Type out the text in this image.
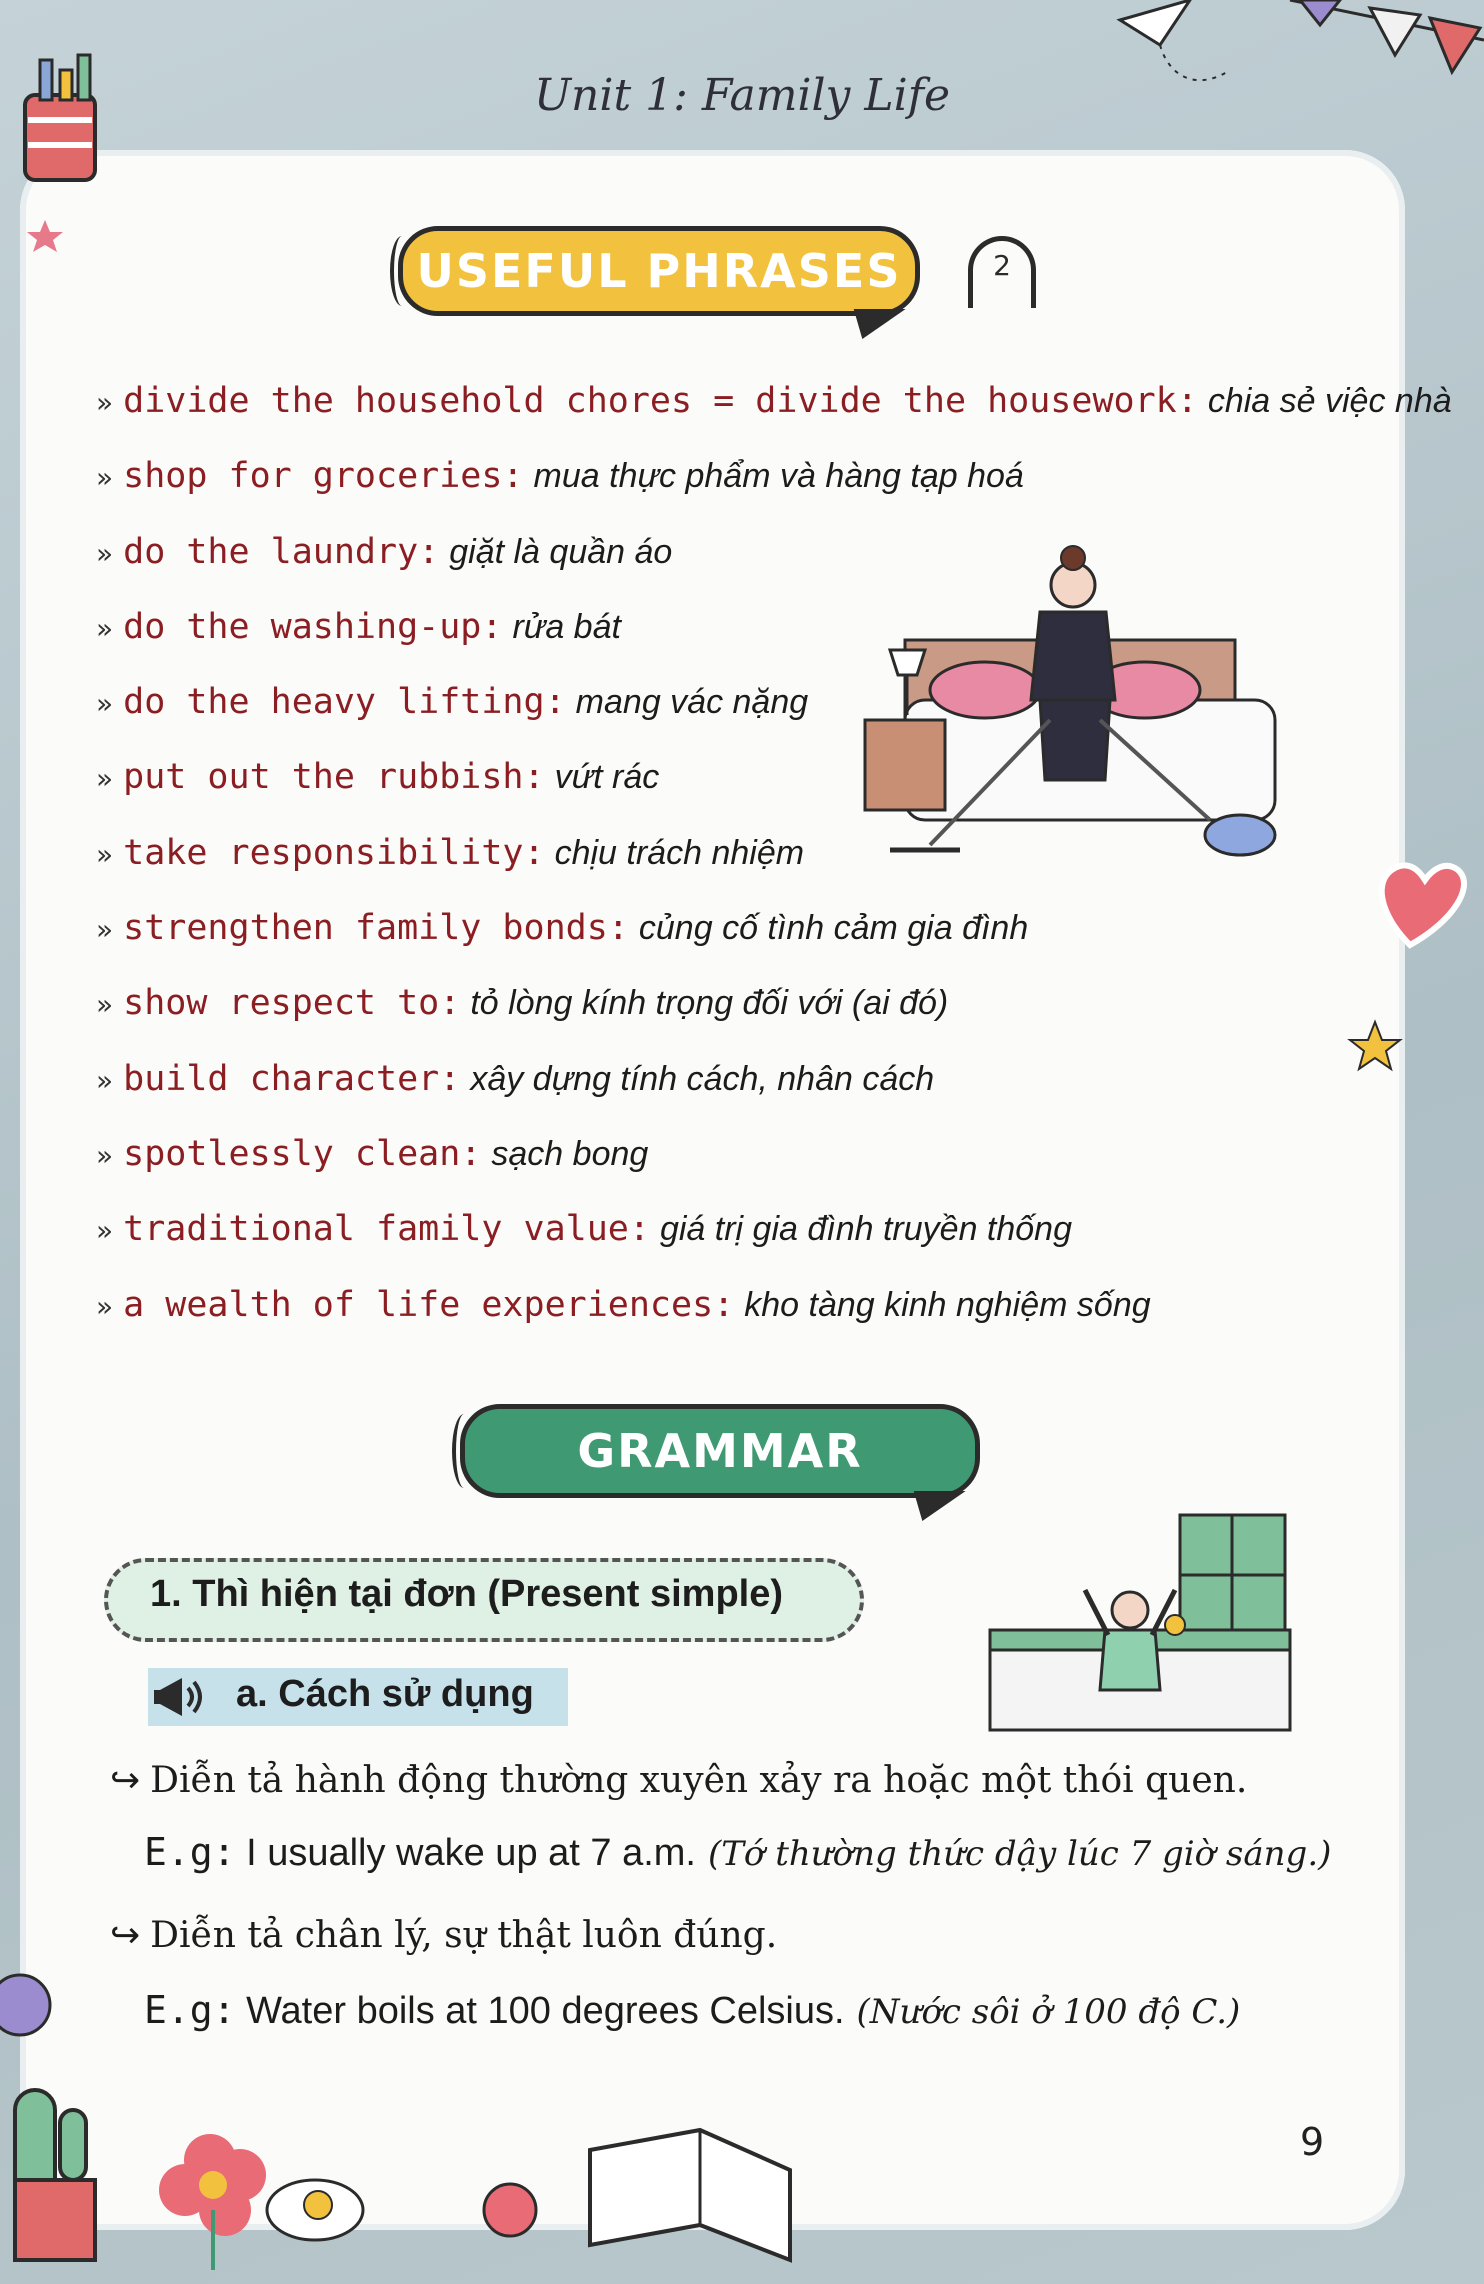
Unit 1: Family Life
USEFUL PHRASES	2
» divide the household chores = divide the housework: chia sẻ việc nhà
» shop for groceries: mua thực phẩm và hàng tạp hoá
» do the laundry: giặt là quần áo
» do the washing-up: rửa bát
» do the heavy lifting: mang vác nặng
» put out the rubbish: vứt rác
» take responsibility: chịu trách nhiệm
» strengthen family bonds: củng cố tình cảm gia đình
» show respect to: tỏ lòng kính trọng đối với (ai đó)
» build character: xây dựng tính cách, nhân cách
» spotlessly clean: sạch bong
» traditional family value: giá trị gia đình truyền thống
» a wealth of life experiences: kho tàng kinh nghiệm sống
GRAMMAR
1. Thì hiện tại đơn (Present simple)
a. Cách sử dụng
↪ Diễn tả hành động thường xuyên xảy ra hoặc một thói quen.
E.g: I usually wake up at 7 a.m. (Tớ thường thức dậy lúc 7 giờ sáng.)
↪ Diễn tả chân lý, sự thật luôn đúng.
E.g: Water boils at 100 degrees Celsius. (Nước sôi ở 100 độ C.)
9
